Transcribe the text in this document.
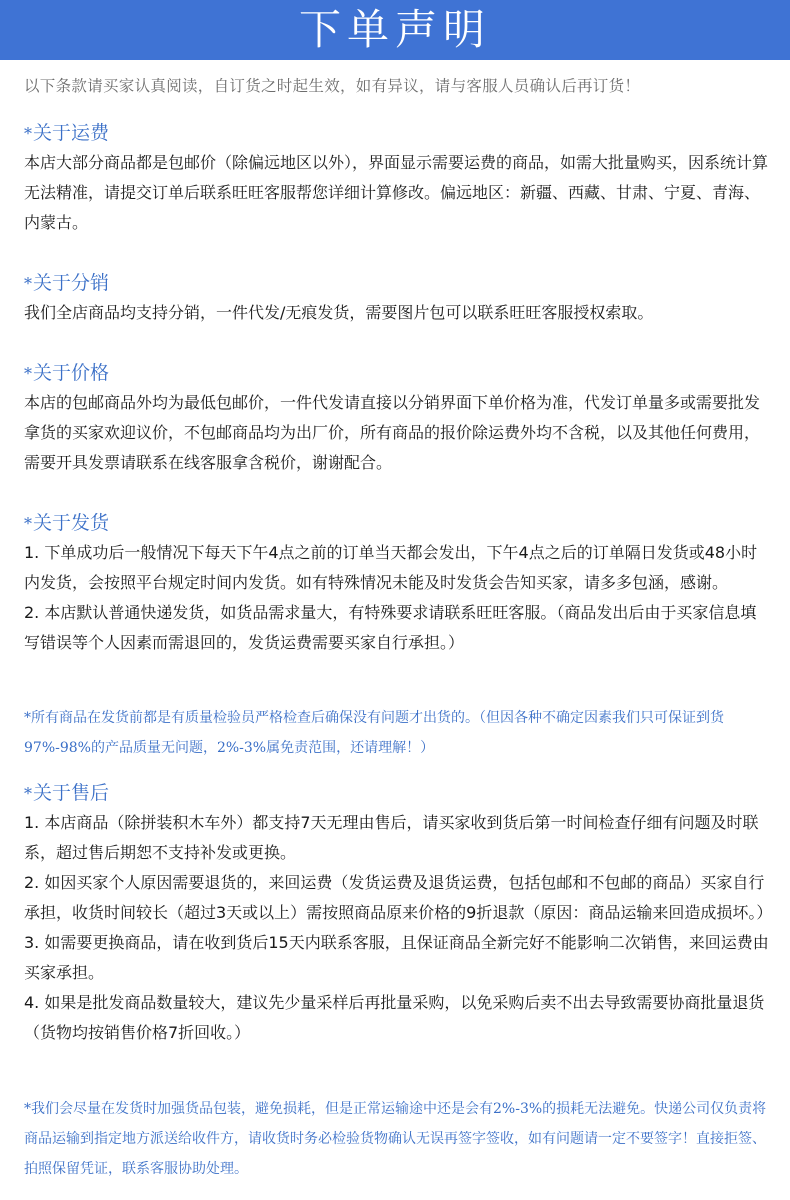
下单声明
以下条款请买家认真阅读，自订货之时起生效，如有异议，请与客服人员确认后再订货！
*关于运费

本店大部分商品都是包邮价（除偏远地区以外），界面显示需要运费的商品，如需大批量购买，因系统计算无法精准，请提交订单后联系旺旺客服帮您详细计算修改。偏远地区：新疆、西藏、甘肃、宁夏、青海、内蒙古。

*关于分销

我们全店商品均支持分销，一件代发/无痕发货，需要图片包可以联系旺旺客服授权索取。

*关于价格

本店的包邮商品外均为最低包邮价，一件代发请直接以分销界面下单价格为准，代发订单量多或需要批发拿货的买家欢迎议价，不包邮商品均为出厂价，所有商品的报价除运费外均不含税，以及其他任何费用，需要开具发票请联系在线客服拿含税价，谢谢配合。

*关于发货

1. 下单成功后一般情况下每天下午4点之前的订单当天都会发出，下午4点之后的订单隔日发货或48小时内发货，会按照平台规定时间内发货。如有特殊情况未能及时发货会告知买家，请多多包涵，感谢。

2. 本店默认普通快递发货，如货品需求量大，有特殊要求请联系旺旺客服。（商品发出后由于买家信息填写错误等个人因素而需退回的，发货运费需要买家自行承担。）

*所有商品在发货前都是有质量检验员严格检查后确保没有问题才出货的。（但因各种不确定因素我们只可保证到货97%-98%的产品质量无问题，2%-3%属免责范围，还请理解！）

*关于售后

1. 本店商品（除拼装积木车外）都支持7天无理由售后，请买家收到货后第一时间检查仔细有问题及时联系，超过售后期恕不支持补发或更换。

2. 如因买家个人原因需要退货的，来回运费（发货运费及退货运费，包括包邮和不包邮的商品）买家自行承担，收货时间较长（超过3天或以上）需按照商品原来价格的9折退款（原因：商品运输来回造成损坏。）

3. 如需要更换商品，请在收到货后15天内联系客服，且保证商品全新完好不能影响二次销售，来回运费由买家承担。

4. 如果是批发商品数量较大，建议先少量采样后再批量采购，以免采购后卖不出去导致需要协商批量退货（货物均按销售价格7折回收。）

*我们会尽量在发货时加强货品包装，避免损耗，但是正常运输途中还是会有2%-3%的损耗无法避免。快递公司仅负责将商品运输到指定地方派送给收件方，请收货时务必检验货物确认无误再签字签收，如有问题请一定不要签字！直接拒签、拍照保留凭证，联系客服协助处理。
